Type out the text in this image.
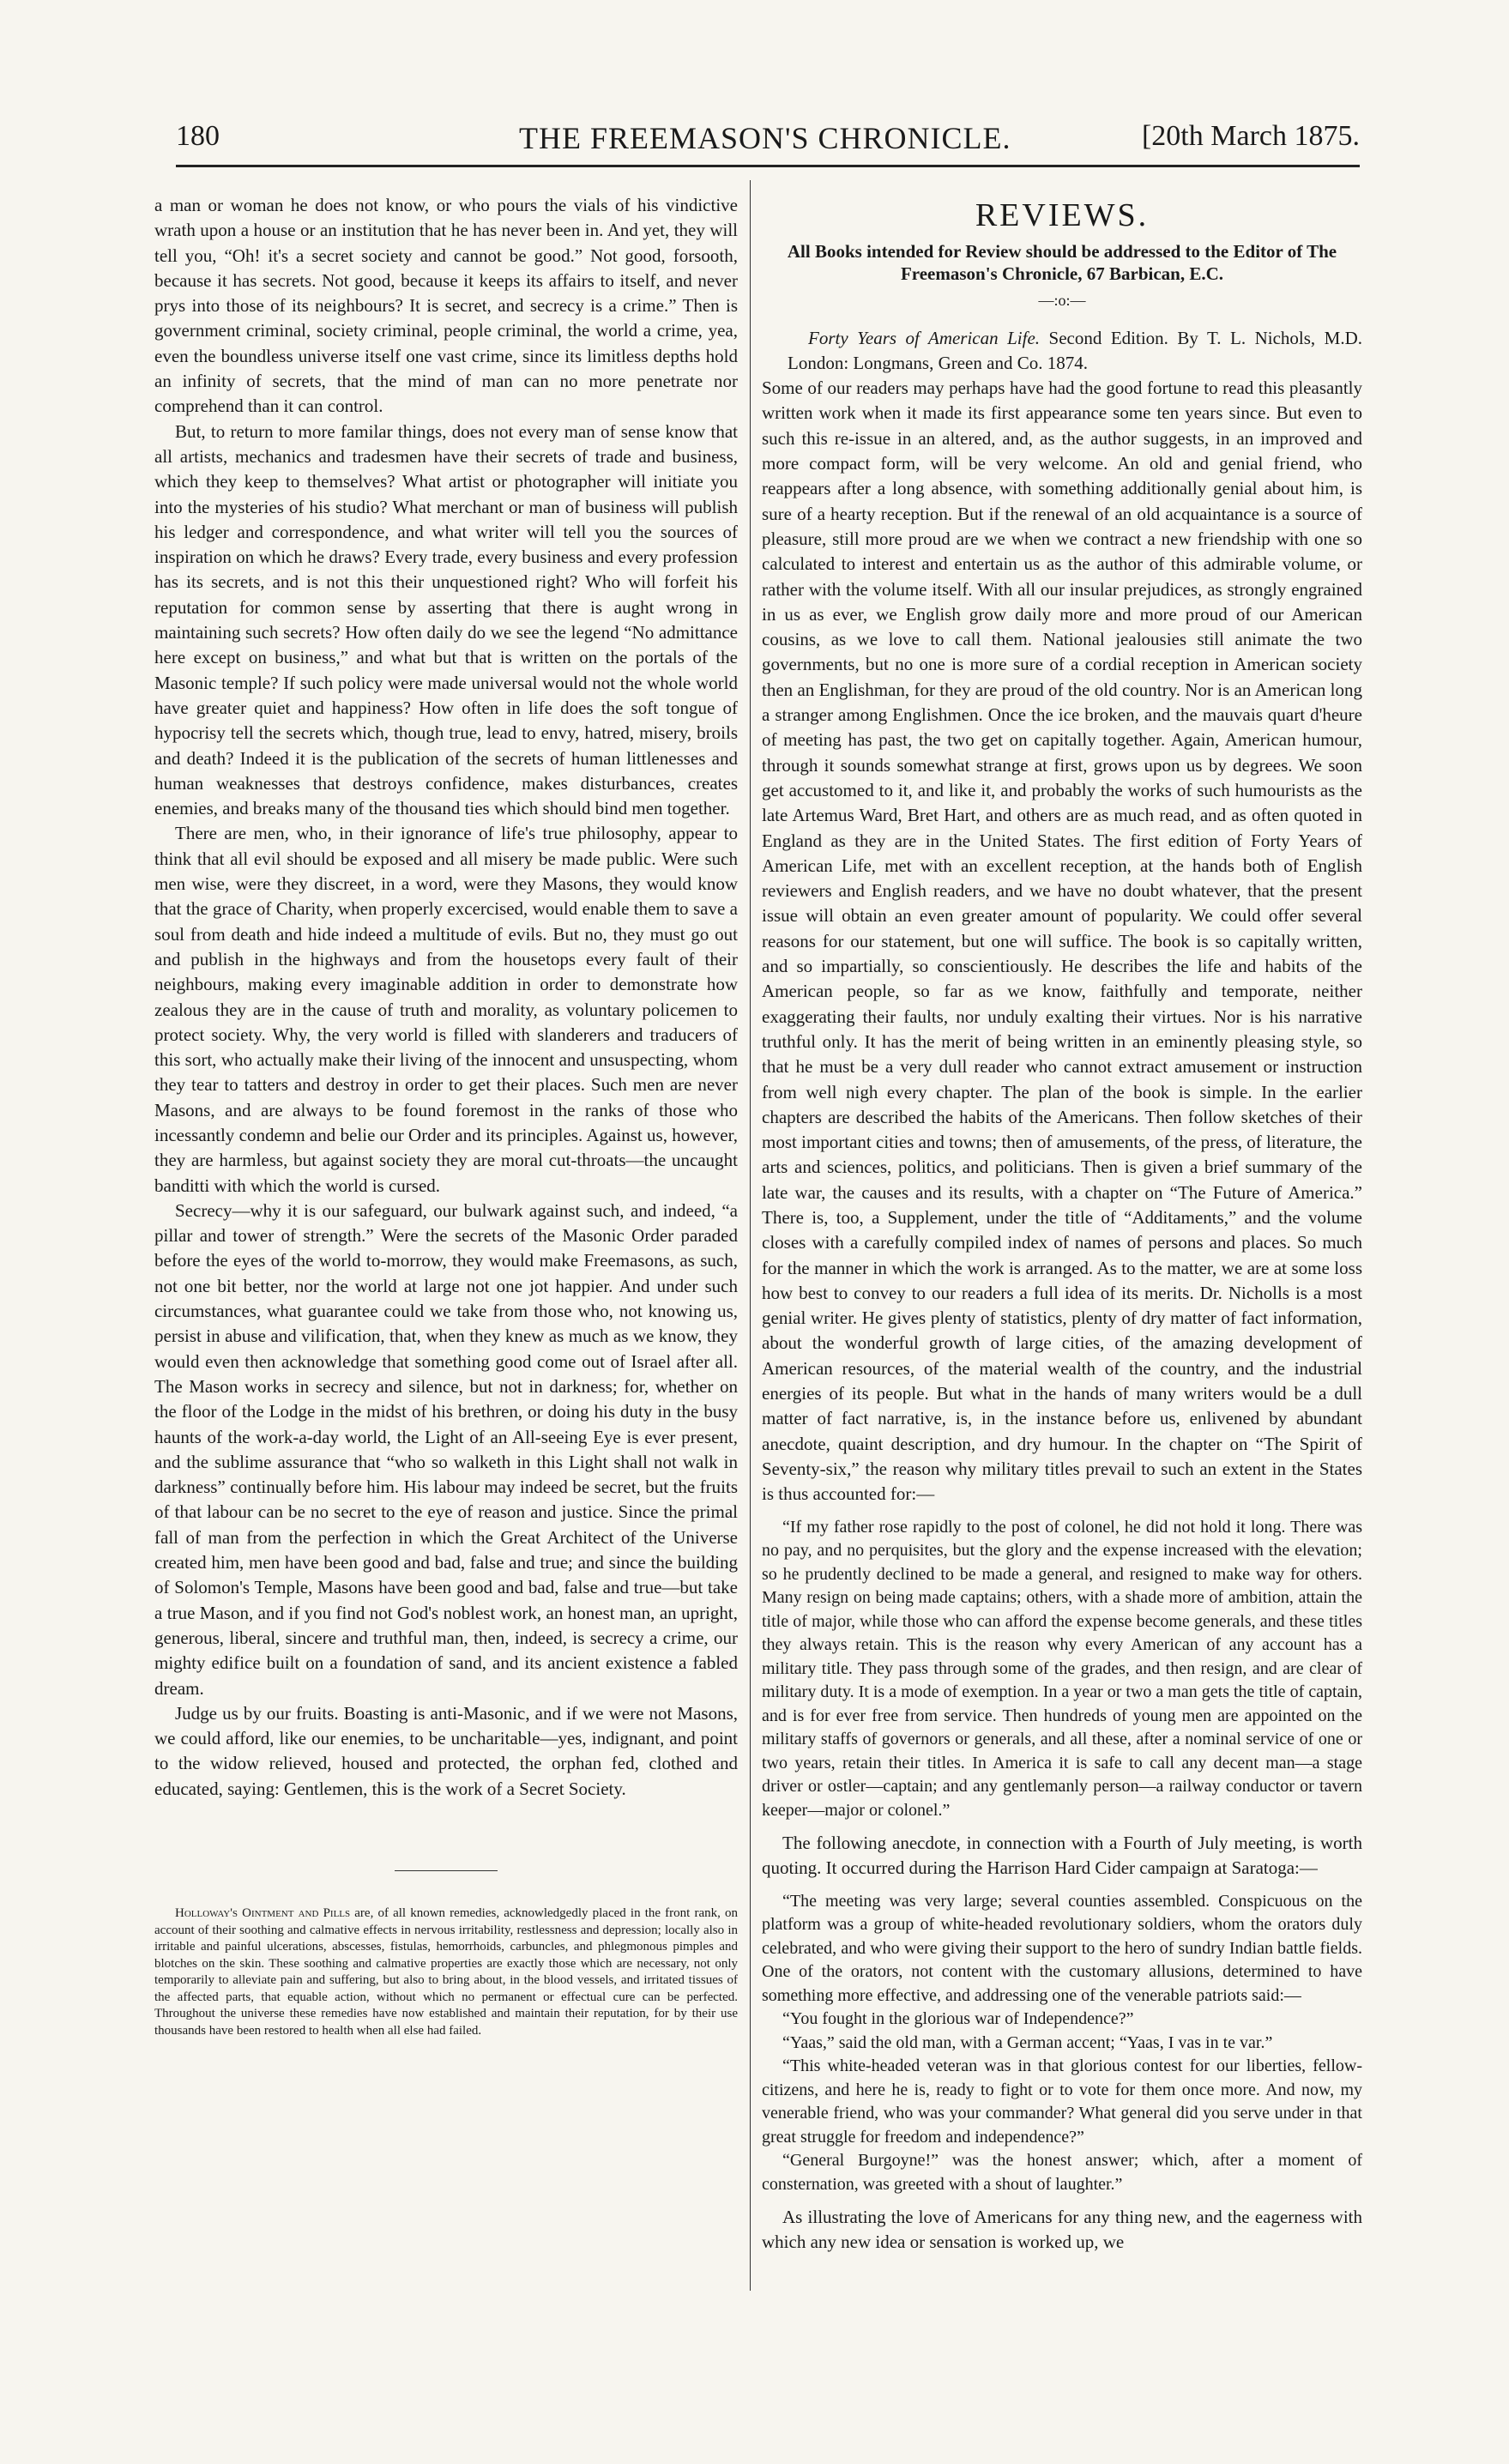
180	THE FREEMASON'S CHRONICLE.	[20th March 1875.

a man or woman he does not know, or who pours the vials of his vindictive wrath upon a house or an institution that he has never been in. And yet, they will tell you, “Oh! it's a secret society and cannot be good.” Not good, forsooth, because it has secrets. Not good, because it keeps its affairs to itself, and never prys into those of its neighbours? It is secret, and secrecy is a crime.” Then is government criminal, society criminal, people criminal, the world a crime, yea, even the boundless universe itself one vast crime, since its limitless depths hold an infinity of secrets, that the mind of man can no more penetrate nor comprehend than it can control.

But, to return to more familar things, does not every man of sense know that all artists, mechanics and tradesmen have their secrets of trade and business, which they keep to themselves? What artist or photographer will initiate you into the mysteries of his studio? What merchant or man of business will publish his ledger and correspondence, and what writer will tell you the sources of inspiration on which he draws? Every trade, every business and every profession has its secrets, and is not this their unquestioned right? Who will forfeit his reputation for common sense by asserting that there is aught wrong in maintaining such secrets? How often daily do we see the legend “No admittance here except on business,” and what but that is written on the portals of the Masonic temple? If such policy were made universal would not the whole world have greater quiet and happiness? How often in life does the soft tongue of hypocrisy tell the secrets which, though true, lead to envy, hatred, misery, broils and death? Indeed it is the publication of the secrets of human littlenesses and human weaknesses that destroys confidence, makes disturbances, creates enemies, and breaks many of the thousand ties which should bind men together.

There are men, who, in their ignorance of life's true philosophy, appear to think that all evil should be exposed and all misery be made public. Were such men wise, were they discreet, in a word, were they Masons, they would know that the grace of Charity, when properly excercised, would enable them to save a soul from death and hide indeed a multitude of evils. But no, they must go out and publish in the highways and from the housetops every fault of their neighbours, making every imaginable addition in order to demonstrate how zealous they are in the cause of truth and morality, as voluntary policemen to protect society. Why, the very world is filled with slanderers and traducers of this sort, who actually make their living of the innocent and unsuspecting, whom they tear to tatters and destroy in order to get their places. Such men are never Masons, and are always to be found foremost in the ranks of those who incessantly condemn and belie our Order and its principles. Against us, however, they are harmless, but against society they are moral cut-throats—the uncaught banditti with which the world is cursed.

Secrecy—why it is our safeguard, our bulwark against such, and indeed, “a pillar and tower of strength.” Were the secrets of the Masonic Order paraded before the eyes of the world to-morrow, they would make Freemasons, as such, not one bit better, nor the world at large not one jot happier. And under such circumstances, what guarantee could we take from those who, not knowing us, persist in abuse and vilification, that, when they knew as much as we know, they would even then acknowledge that something good come out of Israel after all. The Mason works in secrecy and silence, but not in darkness; for, whether on the floor of the Lodge in the midst of his brethren, or doing his duty in the busy haunts of the work-a-day world, the Light of an All-seeing Eye is ever present, and the sublime assurance that “who so walketh in this Light shall not walk in darkness” continually before him. His labour may indeed be secret, but the fruits of that labour can be no secret to the eye of reason and justice. Since the primal fall of man from the perfection in which the Great Architect of the Universe created him, men have been good and bad, false and true; and since the building of Solomon's Temple, Masons have been good and bad, false and true—but take a true Mason, and if you find not God's noblest work, an honest man, an upright, generous, liberal, sincere and truthful man, then, indeed, is secrecy a crime, our mighty edifice built on a foundation of sand, and its ancient existence a fabled dream.

Judge us by our fruits. Boasting is anti-Masonic, and if we were not Masons, we could afford, like our enemies, to be uncharitable—yes, indignant, and point to the widow relieved, housed and protected, the orphan fed, clothed and educated, saying: Gentlemen, this is the work of a Secret Society.

Holloway's Ointment and Pills are, of all known remedies, acknowledgedly placed in the front rank, on account of their soothing and calmative effects in nervous irritability, restlessness and depression; locally also in irritable and painful ulcerations, abscesses, fistulas, hemorrhoids, carbuncles, and phlegmonous pimples and blotches on the skin. These soothing and calmative properties are exactly those which are necessary, not only temporarily to alleviate pain and suffering, but also to bring about, in the blood vessels, and irritated tissues of the affected parts, that equable action, without which no permanent or effectual cure can be perfected. Throughout the universe these remedies have now established and maintain their reputation, for by their use thousands have been restored to health when all else had failed.

REVIEWS.
All Books intended for Review should be addressed to the Editor of The Freemason's Chronicle, 67 Barbican, E.C.
—:o:—

Forty Years of American Life. Second Edition. By T. L. Nichols, M.D. London: Longmans, Green and Co. 1874.

Some of our readers may perhaps have had the good fortune to read this pleasantly written work when it made its first appearance some ten years since. But even to such this re-issue in an altered, and, as the author suggests, in an improved and more compact form, will be very welcome. An old and genial friend, who reappears after a long absence, with something additionally genial about him, is sure of a hearty reception. But if the renewal of an old acquaintance is a source of pleasure, still more proud are we when we contract a new friendship with one so calculated to interest and entertain us as the author of this admirable volume, or rather with the volume itself. With all our insular prejudices, as strongly engrained in us as ever, we English grow daily more and more proud of our American cousins, as we love to call them. National jealousies still animate the two governments, but no one is more sure of a cordial reception in American society then an Englishman, for they are proud of the old country. Nor is an American long a stranger among Englishmen. Once the ice broken, and the mauvais quart d'heure of meeting has past, the two get on capitally together. Again, American humour, through it sounds somewhat strange at first, grows upon us by degrees. We soon get accustomed to it, and like it, and probably the works of such humourists as the late Artemus Ward, Bret Hart, and others are as much read, and as often quoted in England as they are in the United States. The first edition of Forty Years of American Life, met with an excellent reception, at the hands both of English reviewers and English readers, and we have no doubt whatever, that the present issue will obtain an even greater amount of popularity. We could offer several reasons for our statement, but one will suffice. The book is so capitally written, and so impartially, so conscientiously. He describes the life and habits of the American people, so far as we know, faithfully and temporate, neither exaggerating their faults, nor unduly exalting their virtues. Nor is his narrative truthful only. It has the merit of being written in an eminently pleasing style, so that he must be a very dull reader who cannot extract amusement or instruction from well nigh every chapter. The plan of the book is simple. In the earlier chapters are described the habits of the Americans. Then follow sketches of their most important cities and towns; then of amusements, of the press, of literature, the arts and sciences, politics, and politicians. Then is given a brief summary of the late war, the causes and its results, with a chapter on “The Future of America.” There is, too, a Supplement, under the title of “Additaments,” and the volume closes with a carefully compiled index of names of persons and places. So much for the manner in which the work is arranged. As to the matter, we are at some loss how best to convey to our readers a full idea of its merits. Dr. Nicholls is a most genial writer. He gives plenty of statistics, plenty of dry matter of fact information, about the wonderful growth of large cities, of the amazing development of American resources, of the material wealth of the country, and the industrial energies of its people. But what in the hands of many writers would be a dull matter of fact narrative, is, in the instance before us, enlivened by abundant anecdote, quaint description, and dry humour. In the chapter on “The Spirit of Seventy-six,” the reason why military titles prevail to such an extent in the States is thus accounted for:—

“If my father rose rapidly to the post of colonel, he did not hold it long. There was no pay, and no perquisites, but the glory and the expense increased with the elevation; so he prudently declined to be made a general, and resigned to make way for others. Many resign on being made captains; others, with a shade more of ambition, attain the title of major, while those who can afford the expense become generals, and these titles they always retain. This is the reason why every American of any account has a military title. They pass through some of the grades, and then resign, and are clear of military duty. It is a mode of exemption. In a year or two a man gets the title of captain, and is for ever free from service. Then hundreds of young men are appointed on the military staffs of governors or generals, and all these, after a nominal service of one or two years, retain their titles. In America it is safe to call any decent man—a stage driver or ostler—captain; and any gentlemanly person—a railway conductor or tavern keeper—major or colonel.”

The following anecdote, in connection with a Fourth of July meeting, is worth quoting. It occurred during the Harrison Hard Cider campaign at Saratoga:—

“The meeting was very large; several counties assembled. Conspicuous on the platform was a group of white-headed revolutionary soldiers, whom the orators duly celebrated, and who were giving their support to the hero of sundry Indian battle fields. One of the orators, not content with the customary allusions, determined to have something more effective, and addressing one of the venerable patriots said:—

“You fought in the glorious war of Independence?”

“Yaas,” said the old man, with a German accent; “Yaas, I vas in te var.”

“This white-headed veteran was in that glorious contest for our liberties, fellow-citizens, and here he is, ready to fight or to vote for them once more. And now, my venerable friend, who was your commander? What general did you serve under in that great struggle for freedom and independence?”

“General Burgoyne!” was the honest answer; which, after a moment of consternation, was greeted with a shout of laughter.”

As illustrating the love of Americans for any thing new, and the eagerness with which any new idea or sensation is worked up, we
